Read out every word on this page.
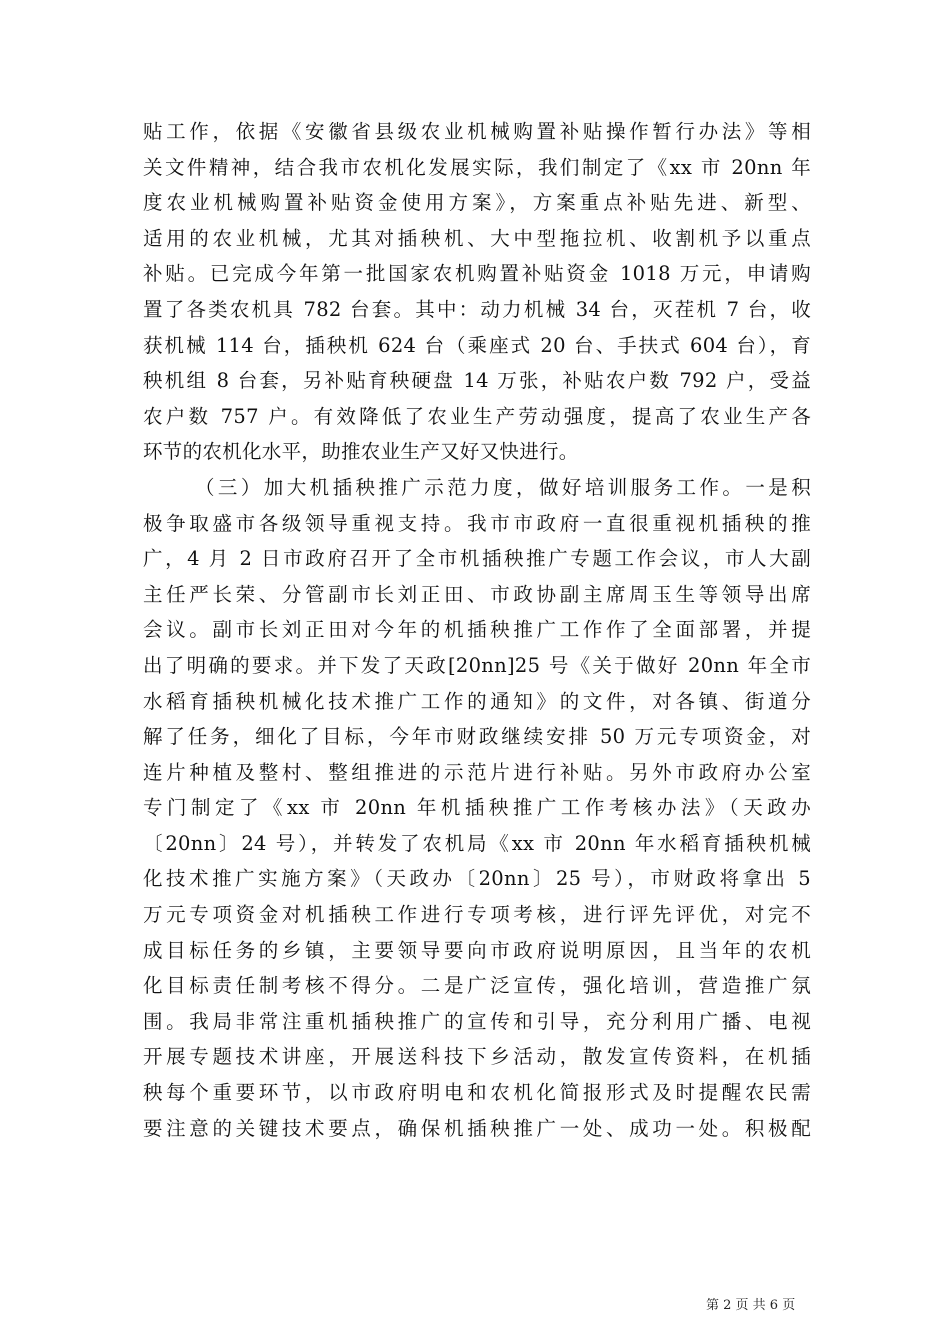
贴工作，依据《安徽省县级农业机械购置补贴操作暂行办法》等相
关文件精神，结合我市农机化发展实际，我们制定了《xx 市 20nn 年
度农业机械购置补贴资金使用方案》，方案重点补贴先进、新型、
适用的农业机械，尤其对插秧机、大中型拖拉机、收割机予以重点
补贴。已完成今年第一批国家农机购置补贴资金 1018 万元，申请购
置了各类农机具 782 台套。其中：动力机械 34 台，灭茬机 7 台，收
获机械 114 台，插秧机 624 台（乘座式 20 台、手扶式 604 台），育
秧机组 8 台套，另补贴育秧硬盘 14 万张，补贴农户数 792 户，受益
农户数 757 户。有效降低了农业生产劳动强度，提高了农业生产各
环节的农机化水平，助推农业生产又好又快进行。
（三）加大机插秧推广示范力度，做好培训服务工作。一是积
极争取盛市各级领导重视支持。我市市政府一直很重视机插秧的推
广，4 月 2 日市政府召开了全市机插秧推广专题工作会议，市人大副
主任严长荣、分管副市长刘正田、市政协副主席周玉生等领导出席
会议。副市长刘正田对今年的机插秧推广工作作了全面部署，并提
出了明确的要求。并下发了天政[20nn]25 号《关于做好 20nn 年全市
水稻育插秧机械化技术推广工作的通知》的文件，对各镇、街道分
解了任务，细化了目标，今年市财政继续安排 50 万元专项资金，对
连片种植及整村、整组推进的示范片进行补贴。另外市政府办公室
专门制定了《xx 市 20nn 年机插秧推广工作考核办法》（天政办
〔20nn〕24 号），并转发了农机局《xx 市 20nn 年水稻育插秧机械
化技术推广实施方案》（天政办〔20nn〕25 号），市财政将拿出 5
万元专项资金对机插秧工作进行专项考核，进行评先评优，对完不
成目标任务的乡镇，主要领导要向市政府说明原因，且当年的农机
化目标责任制考核不得分。二是广泛宣传，强化培训，营造推广氛
围。我局非常注重机插秧推广的宣传和引导，充分利用广播、电视
开展专题技术讲座，开展送科技下乡活动，散发宣传资料，在机插
秧每个重要环节，以市政府明电和农机化简报形式及时提醒农民需
要注意的关键技术要点，确保机插秧推广一处、成功一处。积极配
第 2 页 共 6 页
